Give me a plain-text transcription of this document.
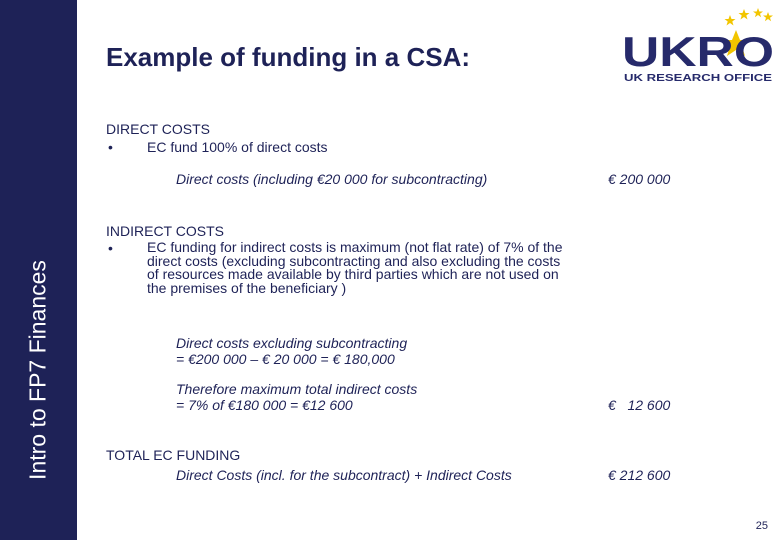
Intro to FP7 Finances
Example of funding in a CSA:	UKRO
UK RESEARCH OFFICE
DIRECT COSTS
• EC fund 100% of direct costs
Direct costs (including €20 000 for subcontracting)	€ 200 000
INDIRECT COSTS
• EC funding for indirect costs is maximum (not flat rate) of 7% of the direct costs (excluding subcontracting and also excluding the costs of resources made available by third parties which are not used on the premises of the beneficiary )
Direct costs excluding subcontracting
= €200 000 – € 20 000 = € 180,000
Therefore maximum total indirect costs
= 7% of €180 000 = €12 600	€   12 600
TOTAL EC FUNDING
Direct Costs (incl. for the subcontract) + Indirect Costs	€ 212 600
25
